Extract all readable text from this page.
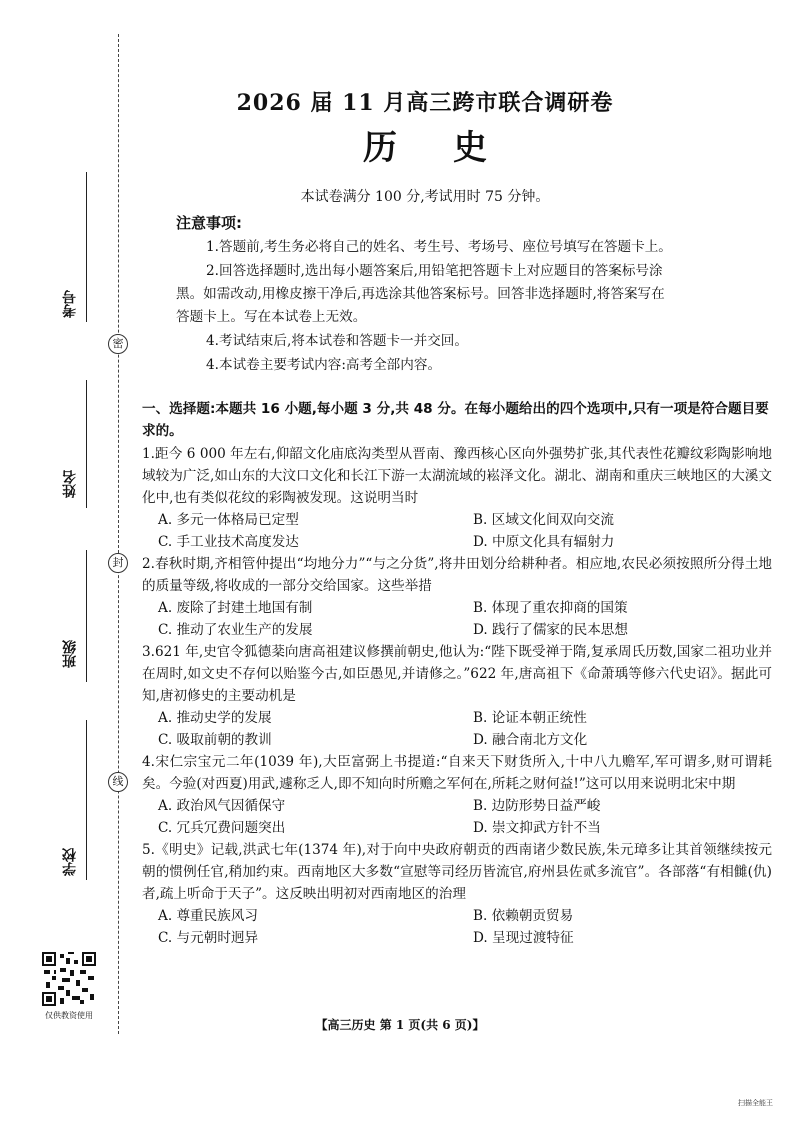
考号
姓名
班级
学校
密
封
线
仅供教资使用
2026 届 11 月高三跨市联合调研卷
历史
本试卷满分 100 分,考试用时 75 分钟。
注意事项:
1.答题前,考生务必将自己的姓名、考生号、考场号、座位号填写在答题卡上。
2.回答选择题时,选出每小题答案后,用铅笔把答题卡上对应题目的答案标号涂
黑。如需改动,用橡皮擦干净后,再选涂其他答案标号。回答非选择题时,将答案写在
答题卡上。写在本试卷上无效。
4.考试结束后,将本试卷和答题卡一并交回。
4.本试卷主要考试内容:高考全部内容。
一、选择题:本题共 16 小题,每小题 3 分,共 48 分。在每小题给出的四个选项中,只有一项是符合题目要求的。
1.距今 6 000 年左右,仰韶文化庙底沟类型从晋南、豫西核心区向外强势扩张,其代表性花瓣纹彩陶影响地域较为广泛,如山东的大汶口文化和长江下游一太湖流域的崧泽文化。湖北、湖南和重庆三峡地区的大溪文化中,也有类似花纹的彩陶被发现。这说明当时
A. 多元一体格局已定型	B. 区域文化间双向交流
C. 手工业技术高度发达	D. 中原文化具有辐射力
2.春秋时期,齐相管仲提出“均地分力”“与之分货”,将井田划分给耕种者。相应地,农民必须按照所分得土地的质量等级,将收成的一部分交给国家。这些举措
A. 废除了封建土地国有制	B. 体现了重农抑商的国策
C. 推动了农业生产的发展	D. 践行了儒家的民本思想
3.621 年,史官令狐德棻向唐高祖建议修撰前朝史,他认为:“陛下既受禅于隋,复承周氏历数,国家二祖功业并在周时,如文史不存何以贻鉴今古,如臣愚见,并请修之。”622 年,唐高祖下《命萧瑀等修六代史诏》。据此可知,唐初修史的主要动机是
A. 推动史学的发展	B. 论证本朝正统性
C. 吸取前朝的教训	D. 融合南北方文化
4.宋仁宗宝元二年(1039 年),大臣富弼上书提道:“自来天下财货所入,十中八九赡军,军可谓多,财可谓耗矣。今验(对西夏)用武,遽称乏人,即不知向时所赡之军何在,所耗之财何益!”这可以用来说明北宋中期
A. 政治风气因循保守	B. 边防形势日益严峻
C. 冗兵冗费问题突出	D. 崇文抑武方针不当
5.《明史》记载,洪武七年(1374 年),对于向中央政府朝贡的西南诸少数民族,朱元璋多让其首领继续按元朝的惯例任官,稍加约束。西南地区大多数“宣慰等司经历皆流官,府州县佐贰多流官”。各部落“有相雠(仇)者,疏上听命于天子”。这反映出明初对西南地区的治理
A. 尊重民族风习	B. 依赖朝贡贸易
C. 与元朝时迥异	D. 呈现过渡特征
【高三历史 第 1 页(共 6 页)】
扫描全能王
